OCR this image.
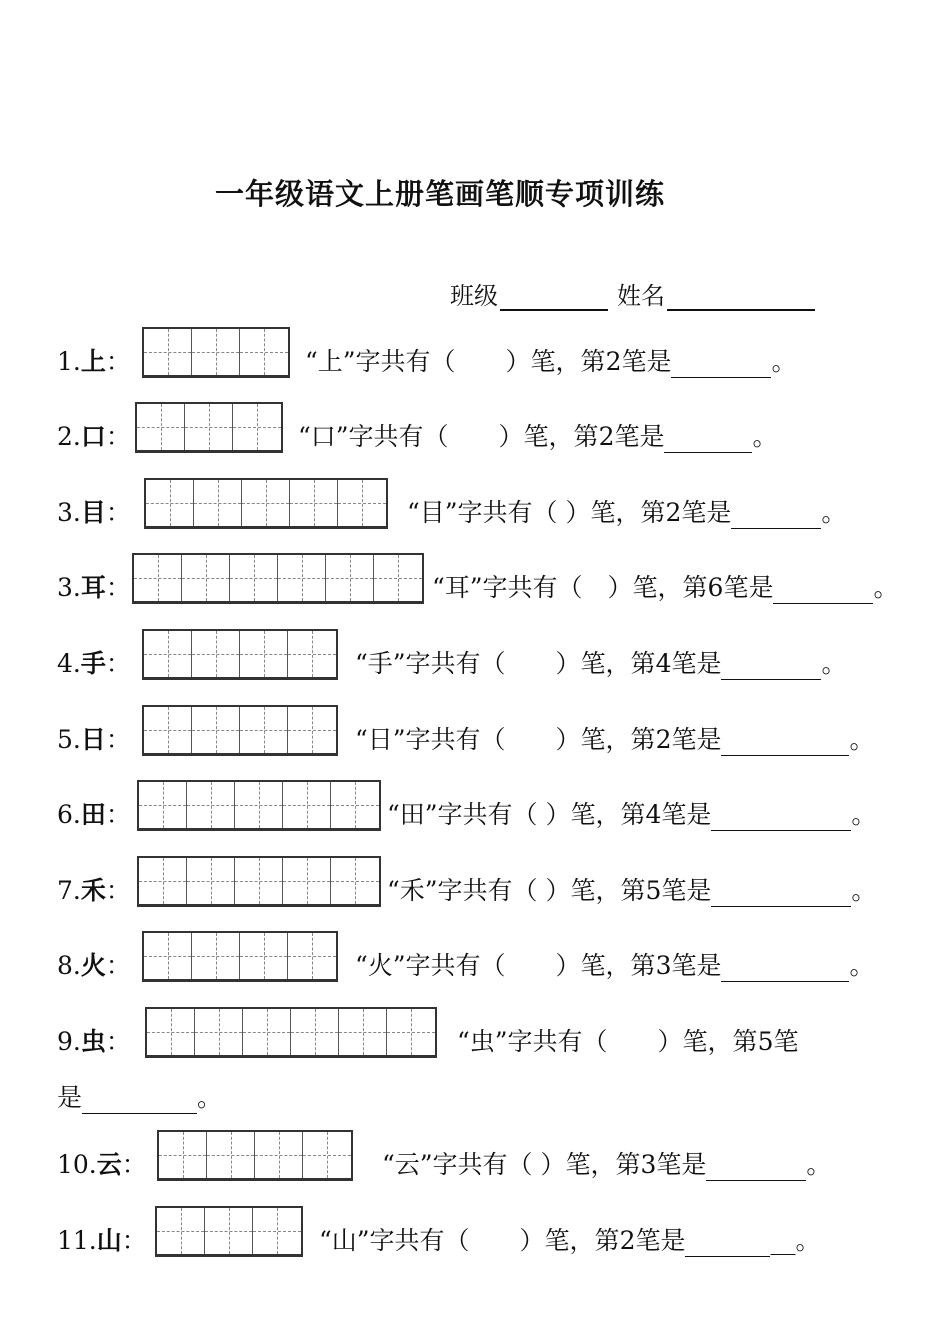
一年级语文上册笔画笔顺专项训练
班级	姓名
1.上：	“上”字共有（　　）笔，第2笔是	。
2.口：	“口”字共有（　　）笔，第2笔是	。
3.目：	“目”字共有（ ）笔，第2笔是	。
3.耳：	“耳”字共有（　）笔，第6笔是	。
4.手：	“手”字共有（　　）笔，第4笔是	。
5.日：	“日”字共有（　　）笔，第2笔是	。
6.田：	“田”字共有（ ）笔，第4笔是	。
7.禾：	“禾”字共有（ ）笔，第5笔是	。
8.火：	“火”字共有（　　）笔，第3笔是	。
9.虫：	“虫”字共有（　　）笔，第5笔
是	。
10.云：	“云”字共有（ ）笔，第3笔是	。
11.山：	“山”字共有（　　）笔，第2笔是	__。
